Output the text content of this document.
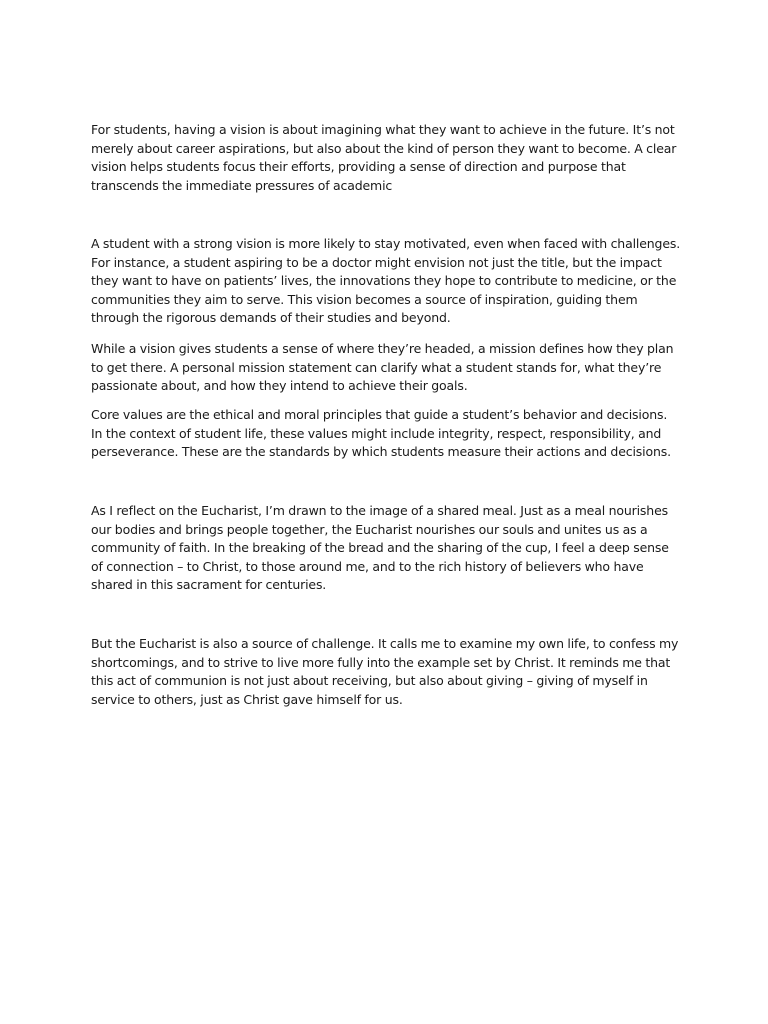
For students, having a vision is about imagining what they want to achieve in the future. It’s not merely about career aspirations, but also about the kind of person they want to become. A clear vision helps students focus their efforts, providing a sense of direction and purpose that transcends the immediate pressures of academic

A student with a strong vision is more likely to stay motivated, even when faced with challenges. For instance, a student aspiring to be a doctor might envision not just the title, but the impact they want to have on patients’ lives, the innovations they hope to contribute to medicine, or the communities they aim to serve. This vision becomes a source of inspiration, guiding them through the rigorous demands of their studies and beyond.

While a vision gives students a sense of where they’re headed, a mission defines how they plan to get there. A personal mission statement can clarify what a student stands for, what they’re passionate about, and how they intend to achieve their goals.

Core values are the ethical and moral principles that guide a student’s behavior and decisions. In the context of student life, these values might include integrity, respect, responsibility, and perseverance. These are the standards by which students measure their actions and decisions.

As I reflect on the Eucharist, I’m drawn to the image of a shared meal. Just as a meal nourishes our bodies and brings people together, the Eucharist nourishes our souls and unites us as a community of faith. In the breaking of the bread and the sharing of the cup, I feel a deep sense of connection – to Christ, to those around me, and to the rich history of believers who have shared in this sacrament for centuries.

But the Eucharist is also a source of challenge. It calls me to examine my own life, to confess my shortcomings, and to strive to live more fully into the example set by Christ. It reminds me that this act of communion is not just about receiving, but also about giving – giving of myself in service to others, just as Christ gave himself for us.
